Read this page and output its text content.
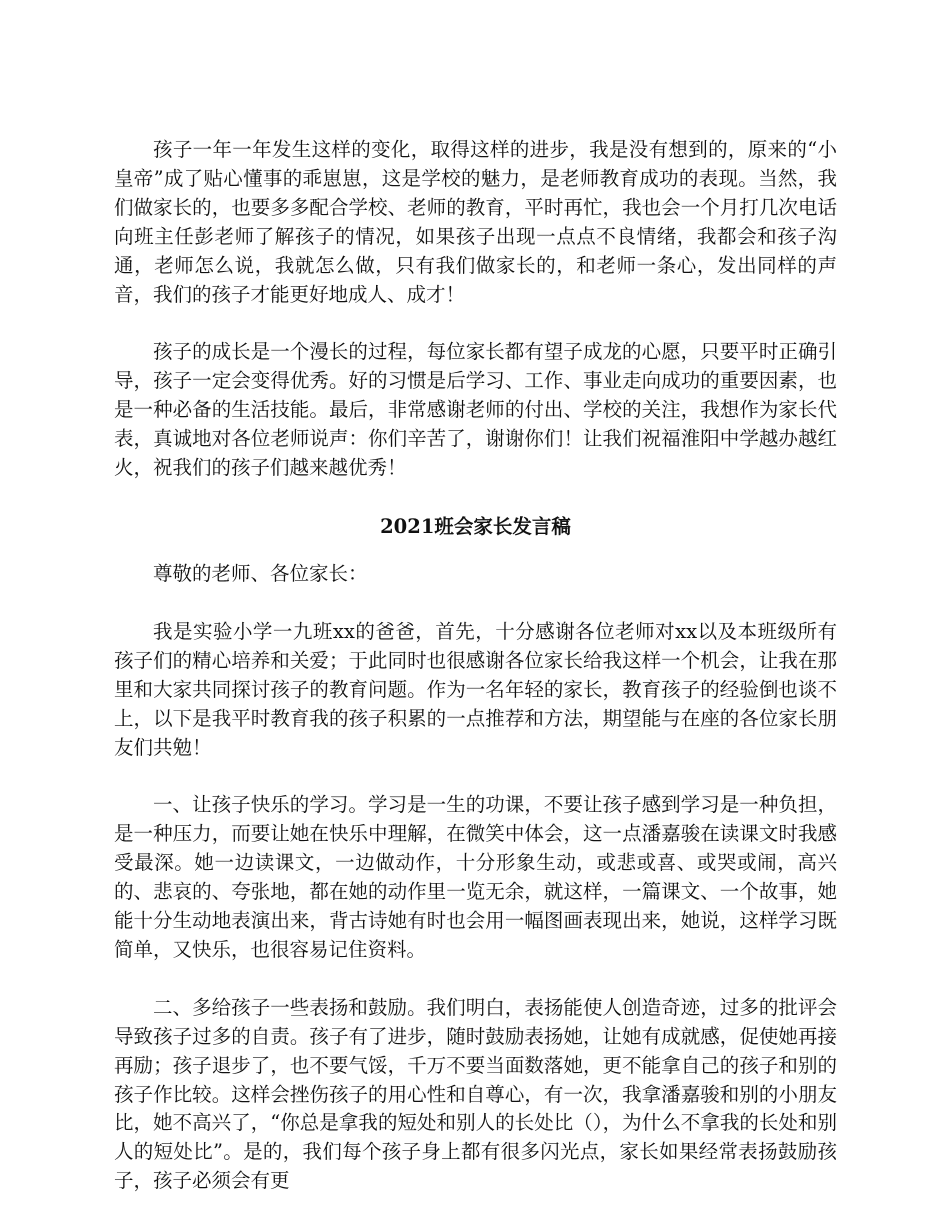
孩子一年一年发生这样的变化，取得这样的进步，我是没有想到的，原来的“小皇帝”成了贴心懂事的乖崽崽，这是学校的魅力，是老师教育成功的表现。当然，我们做家长的，也要多多配合学校、老师的教育，平时再忙，我也会一个月打几次电话向班主任彭老师了解孩子的情况，如果孩子出现一点点不良情绪，我都会和孩子沟通，老师怎么说，我就怎么做，只有我们做家长的，和老师一条心，发出同样的声音，我们的孩子才能更好地成人、成才！

孩子的成长是一个漫长的过程，每位家长都有望子成龙的心愿，只要平时正确引导，孩子一定会变得优秀。好的习惯是后学习、工作、事业走向成功的重要因素，也是一种必备的生活技能。最后，非常感谢老师的付出、学校的关注，我想作为家长代表，真诚地对各位老师说声：你们辛苦了，谢谢你们！让我们祝福淮阳中学越办越红火，祝我们的孩子们越来越优秀！

2021班会家长发言稿

尊敬的老师、各位家长：

我是实验小学一九班xx的爸爸，首先，十分感谢各位老师对xx以及本班级所有孩子们的精心培养和关爱；于此同时也很感谢各位家长给我这样一个机会，让我在那里和大家共同探讨孩子的教育问题。作为一名年轻的家长，教育孩子的经验倒也谈不上，以下是我平时教育我的孩子积累的一点推荐和方法，期望能与在座的各位家长朋友们共勉！

一、让孩子快乐的学习。学习是一生的功课，不要让孩子感到学习是一种负担，是一种压力，而要让她在快乐中理解，在微笑中体会，这一点潘嘉骏在读课文时我感受最深。她一边读课文，一边做动作，十分形象生动，或悲或喜、或哭或闹，高兴的、悲哀的、夸张地，都在她的动作里一览无余，就这样，一篇课文、一个故事，她能十分生动地表演出来，背古诗她有时也会用一幅图画表现出来，她说，这样学习既简单，又快乐，也很容易记住资料。

二、多给孩子一些表扬和鼓励。我们明白，表扬能使人创造奇迹，过多的批评会导致孩子过多的自责。孩子有了进步，随时鼓励表扬她，让她有成就感，促使她再接再励；孩子退步了，也不要气馁，千万不要当面数落她，更不能拿自己的孩子和别的孩子作比较。这样会挫伤孩子的用心性和自尊心，有一次，我拿潘嘉骏和别的小朋友比，她不高兴了，“你总是拿我的短处和别人的长处比（），为什么不拿我的长处和别人的短处比”。是的，我们每个孩子身上都有很多闪光点，家长如果经常表扬鼓励孩子，孩子必须会有更
